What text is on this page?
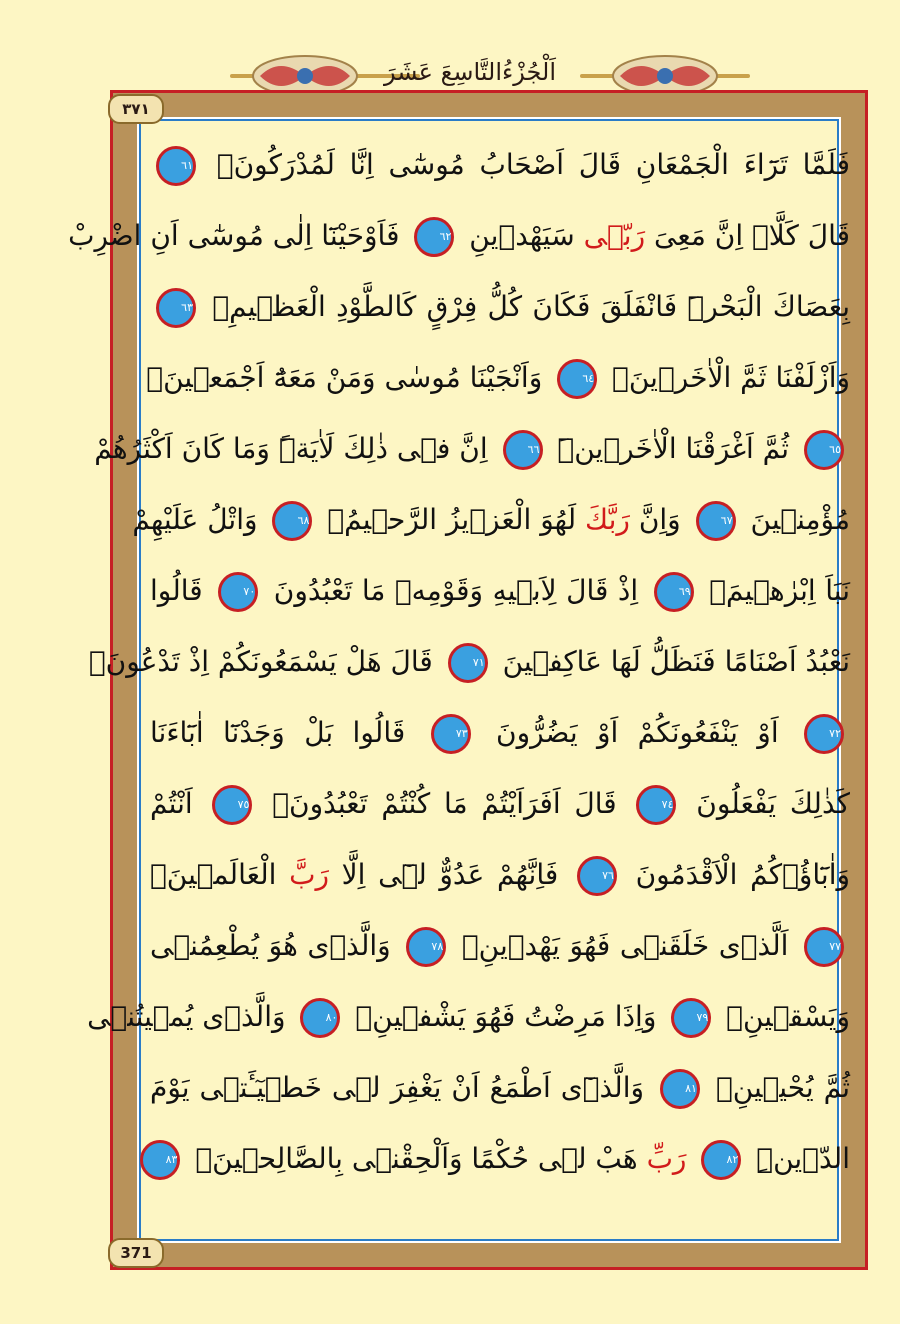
اَلْجُزْءُالتَّاسِعَ عَشَرَ
٣٧١
371
فَلَمَّا تَرَٓاءَ الْجَمْعَانِ قَالَ اَصْحَابُ مُوسٰٓى اِنَّا لَمُدْرَكُونَۚ ٦١
قَالَ كَلَّاۚ اِنَّ مَعِىَ رَبّ۪ى سَيَهْد۪ينِ ٦٢ فَاَوْحَيْنَٓا اِلٰى مُوسٰٓى اَنِ اضْرِبْ
بِعَصَاكَ الْبَحْرَۜ فَانْفَلَقَ فَكَانَ كُلُّ فِرْقٍ كَالطَّوْدِ الْعَظ۪يمِۚ ٦٣
وَاَزْلَفْنَا ثَمَّ الْاٰخَر۪ينَۚ ٦٤ وَاَنْجَيْنَا مُوسٰى وَمَنْ مَعَهُٓ اَجْمَع۪ينَۚ
٦٥ ثُمَّ اَغْرَقْنَا الْاٰخَر۪ينَۜ ٦٦ اِنَّ ف۪ى ذٰلِكَ لَاٰيَةًۜ وَمَا كَانَ اَكْثَرُهُمْ
مُؤْمِن۪ينَ ٦٧ وَاِنَّ رَبَّكَ لَهُوَ الْعَز۪يزُ الرَّح۪يمُۚ ٦٨ وَاتْلُ عَلَيْهِمْ
نَبَاَ اِبْرٰه۪يمَۢ ٦٩ اِذْ قَالَ لِاَب۪يهِ وَقَوْمِه۪ مَا تَعْبُدُونَ ٧٠ قَالُوا
نَعْبُدُ اَصْنَامًا فَنَظَلُّ لَهَا عَاكِف۪ينَ ٧١ قَالَ هَلْ يَسْمَعُونَكُمْ اِذْ تَدْعُونَۙ
٧٢ اَوْ يَنْفَعُونَكُمْ اَوْ يَضُرُّونَ ٧٣ قَالُوا بَلْ وَجَدْنَٓا اٰبَٓاءَنَا
كَذٰلِكَ يَفْعَلُونَ ٧٤ قَالَ اَفَرَاَيْتُمْ مَا كُنْتُمْ تَعْبُدُونَۙ ٧٥ اَنْتُمْ
وَاٰبَٓاؤُ۬كُمُ الْاَقْدَمُونَ ٧٦ فَاِنَّهُمْ عَدُوٌّ ل۪ٓى اِلَّا رَبَّ الْعَالَم۪ينَۙ
٧٧ اَلَّذ۪ى خَلَقَن۪ى فَهُوَ يَهْد۪ينِۙ ٧٨ وَالَّذ۪ى هُوَ يُطْعِمُن۪ى
وَيَسْق۪ينِۙ ٧٩ وَاِذَا مَرِضْتُ فَهُوَ يَشْف۪ينِۖ ٨٠ وَالَّذ۪ى يُم۪يتُن۪ى
ثُمَّ يُحْي۪ينِۙ ٨١ وَالَّذ۪ٓى اَطْمَعُ اَنْ يَغْفِرَ ل۪ى خَط۪يٓـَٔت۪ى يَوْمَ
الدّ۪ينِۜ ٨٢ رَبِّ هَبْ ل۪ى حُكْمًا وَاَلْحِقْن۪ى بِالصَّالِح۪ينَۙ ٨٣
